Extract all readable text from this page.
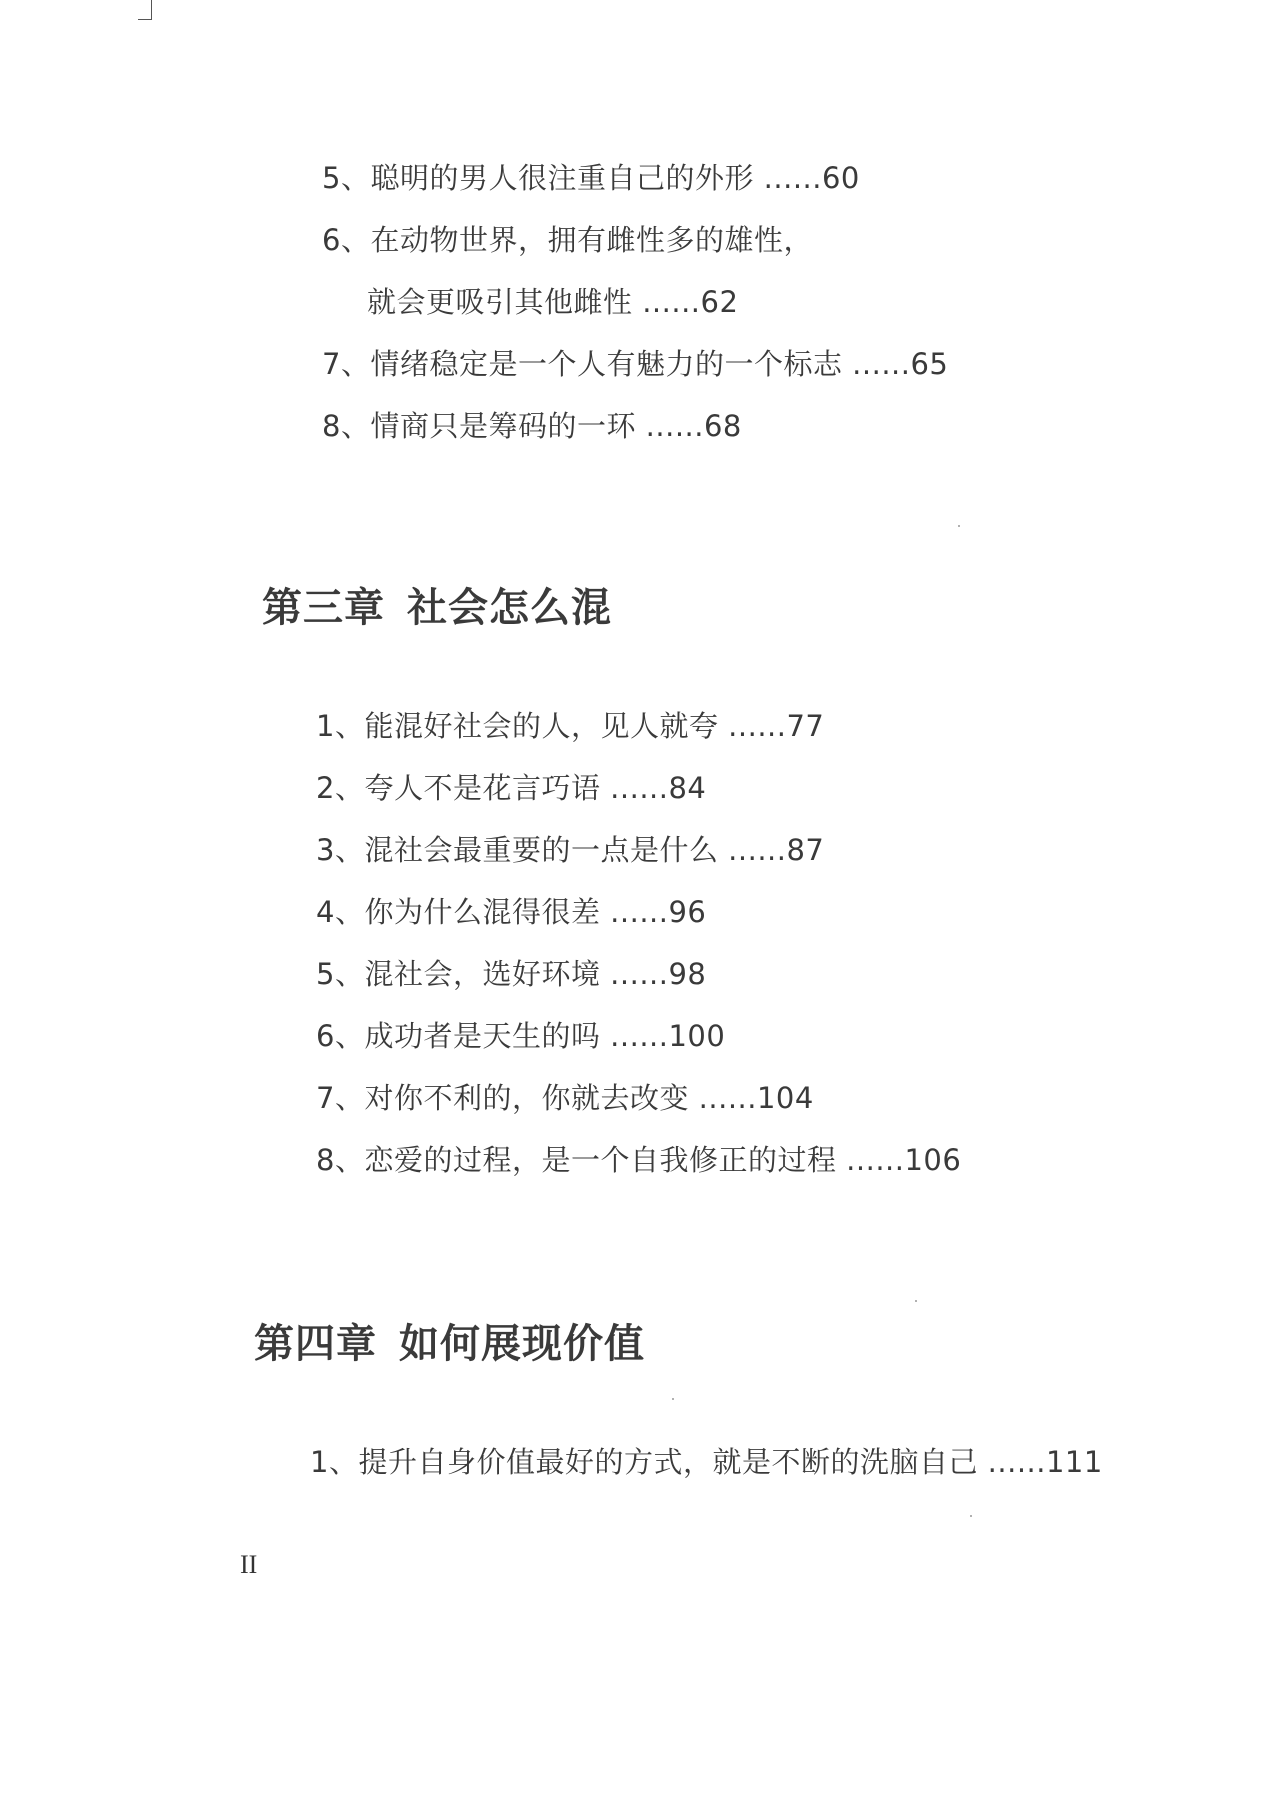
5、聪明的男人很注重自己的外形 ......60
6、在动物世界，拥有雌性多的雄性，
就会更吸引其他雌性 ......62
7、情绪稳定是一个人有魅力的一个标志 ......65
8、情商只是筹码的一环 ......68
第三章 社会怎么混
1、能混好社会的人，见人就夸 ......77
2、夸人不是花言巧语 ......84
3、混社会最重要的一点是什么 ......87
4、你为什么混得很差 ......96
5、混社会，选好环境 ......98
6、成功者是天生的吗 ......100
7、对你不利的，你就去改变 ......104
8、恋爱的过程，是一个自我修正的过程 ......106
第四章 如何展现价值
1、提升自身价值最好的方式，就是不断的洗脑自己 ......111
II
